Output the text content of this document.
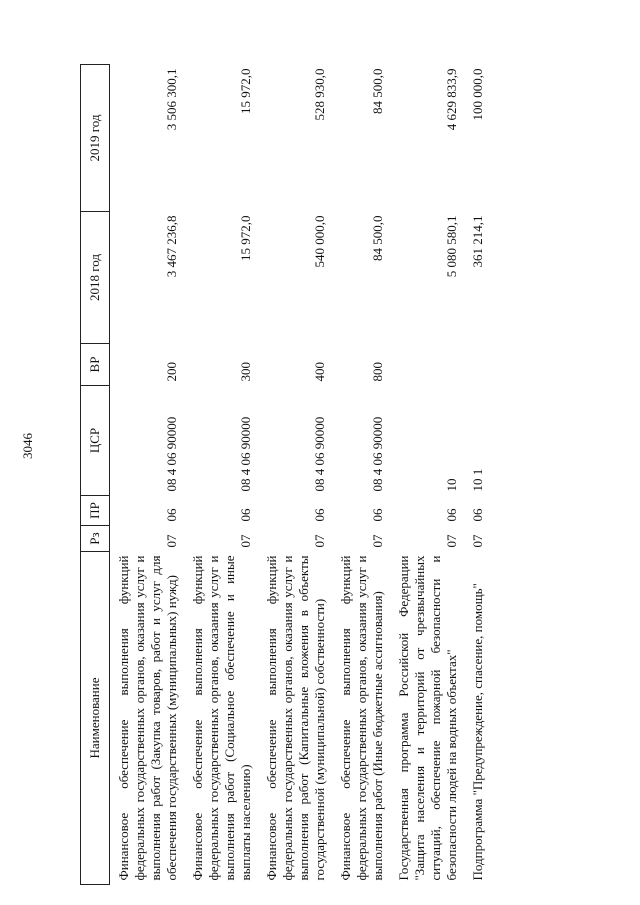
3046
Наименование	Рз	ПР	ЦСР	ВР	2018 год	2019 год
Финансовое обеспечение выполнения функций федеральных государственных органов, оказания услуг и выполнения работ (Закупка товаров, работ и услуг для обеспечения государственных (муниципальных) нужд)	07	06	08 4 06 90000	200	3 467 236,8	3 506 300,1
Финансовое обеспечение выполнения функций федеральных государственных органов, оказания услуг и выполнения работ (Социальное обеспечение и иные выплаты населению)	07	06	08 4 06 90000	300	15 972,0	15 972,0
Финансовое обеспечение выполнения функций федеральных государственных органов, оказания услуг и выполнения работ (Капитальные вложения в объекты государственной (муниципальной) собственности)	07	06	08 4 06 90000	400	540 000,0	528 930,0
Финансовое обеспечение выполнения функций федеральных государственных органов, оказания услуг и выполнения работ (Иные бюджетные ассигнования)	07	06	08 4 06 90000	800	84 500,0	84 500,0
Государственная программа Российской Федерации "Защита населения и территорий от чрезвычайных ситуаций, обеспечение пожарной безопасности и безопасности людей на водных объектах"	07	06	10		5 080 580,1	4 629 833,9
Подпрограмма "Предупреждение, спасение, помощь"	07	06	10 1		361 214,1	100 000,0
